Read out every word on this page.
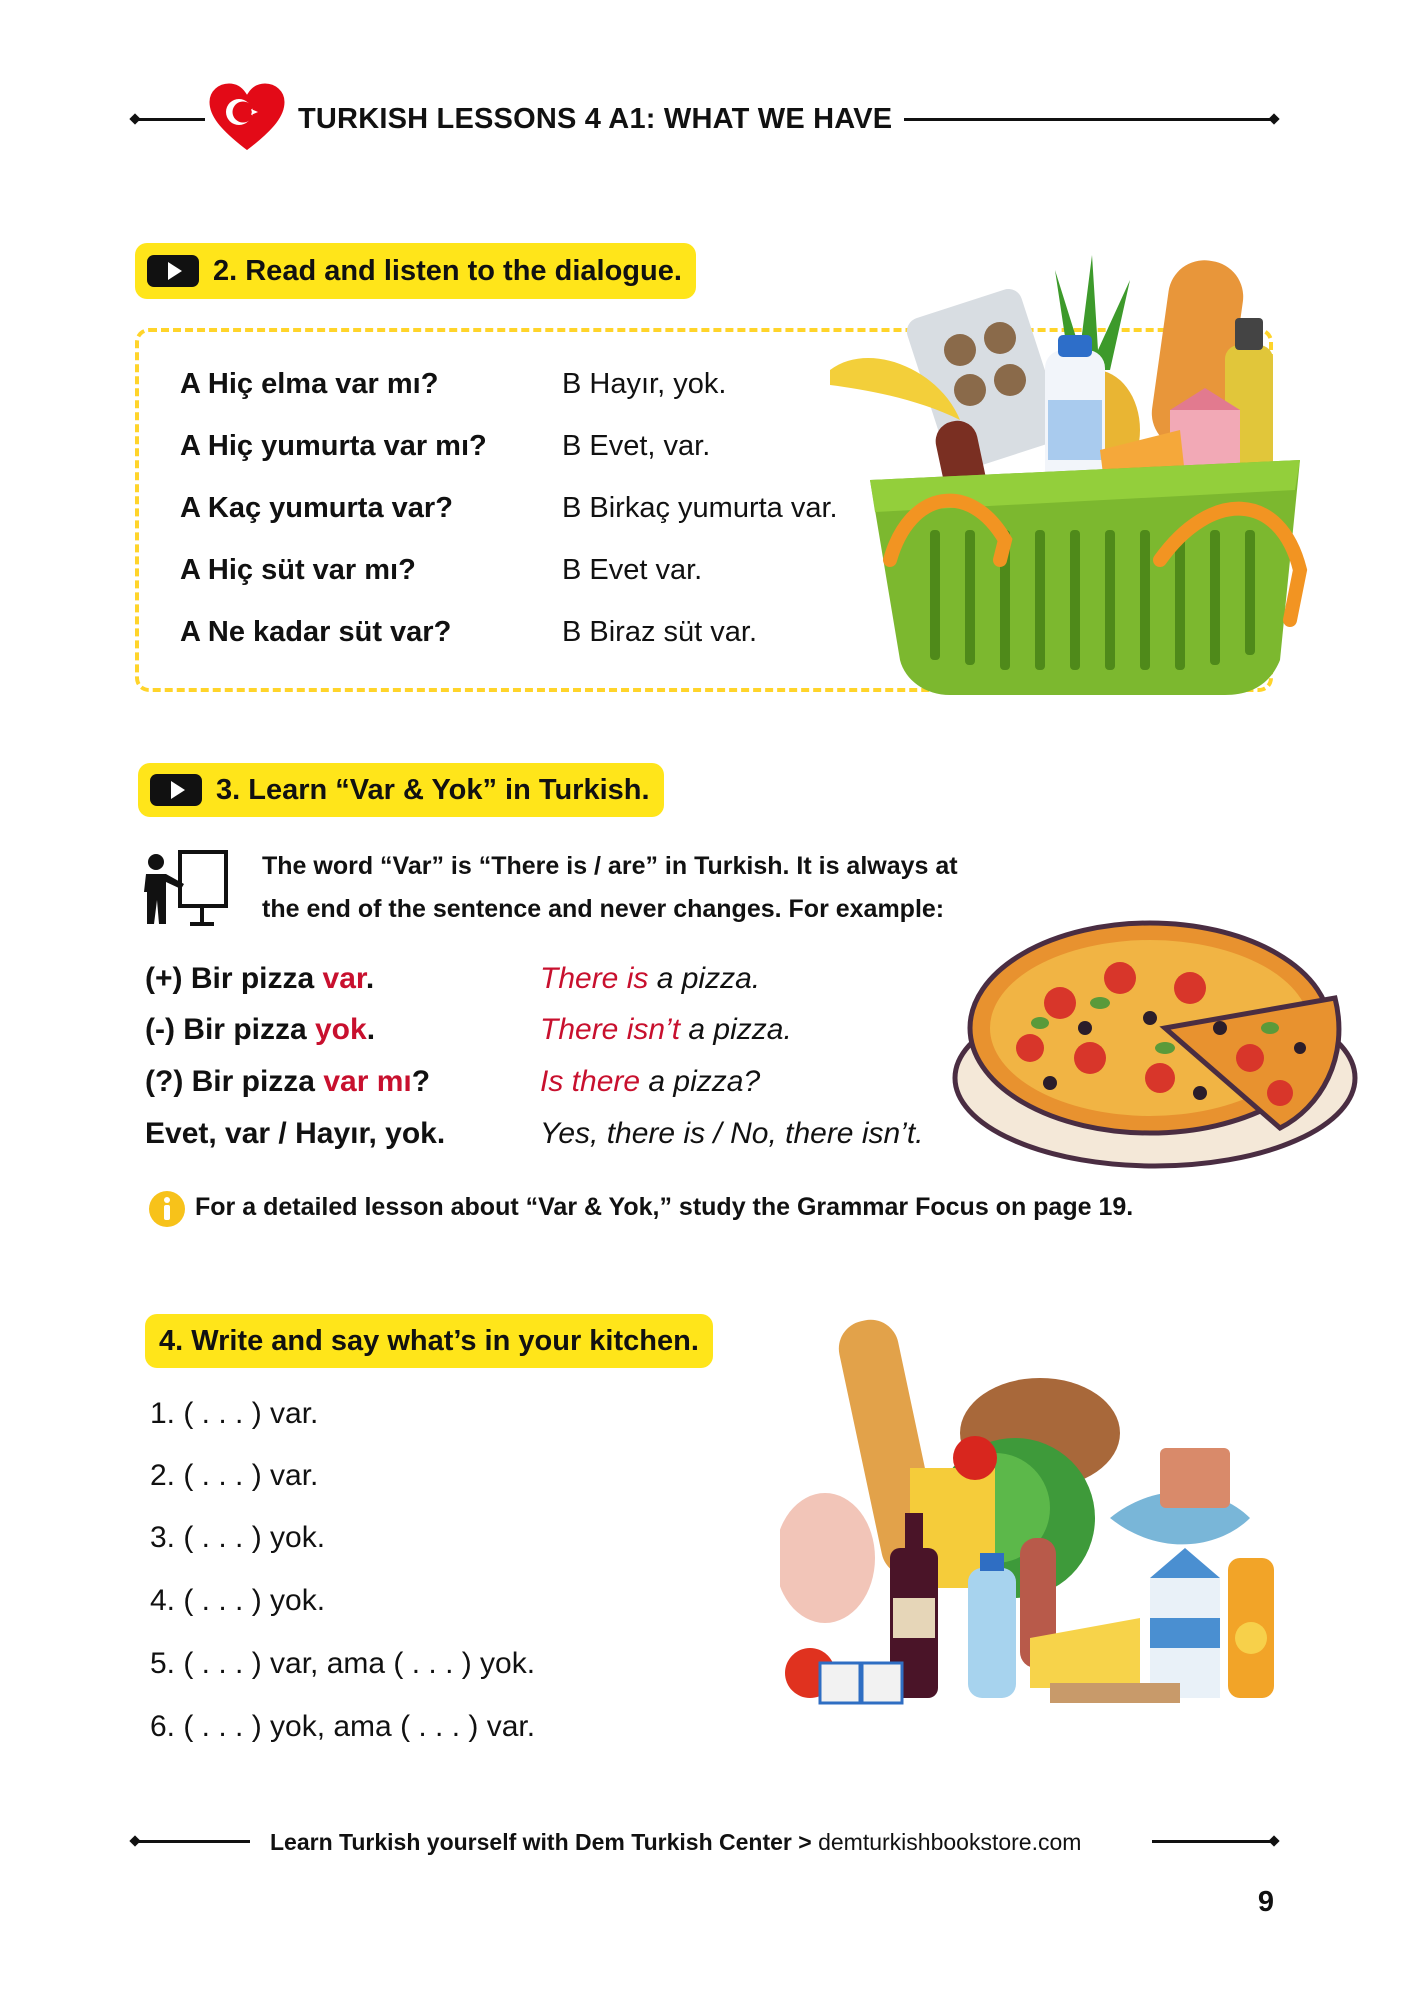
TURKISH LESSONS 4 A1: WHAT WE HAVE
2. Read and listen to the dialogue.
A Hiç elma var mı?	B Hayır, yok.
A Hiç yumurta var mı?	B Evet, var.
A Kaç yumurta var?	B Birkaç yumurta var.
A Hiç süt var mı?	B Evet var.
A Ne kadar süt var?	B Biraz süt var.
3. Learn “Var & Yok” in Turkish.
The word “Var” is “There is / are” in Turkish. It is always at
the end of the sentence and never changes. For example:
(+) Bir pizza var.	There is a pizza.
(-) Bir pizza yok.	There isn’t a pizza.
(?) Bir pizza var mı?	Is there a pizza?
Evet, var / Hayır, yok.	Yes, there is / No, there isn’t.
For a detailed lesson about “Var & Yok,” study the Grammar Focus on page 19.
4. Write and say what’s in your kitchen.
1. ( . . . ) var.
2. ( . . . ) var.
3. ( . . . ) yok.
4. ( . . . ) yok.
5. ( . . . ) var, ama ( . . . ) yok.
6. ( . . . ) yok, ama ( . . . ) var.
Learn Turkish yourself with Dem Turkish Center > demturkishbookstore.com
9
